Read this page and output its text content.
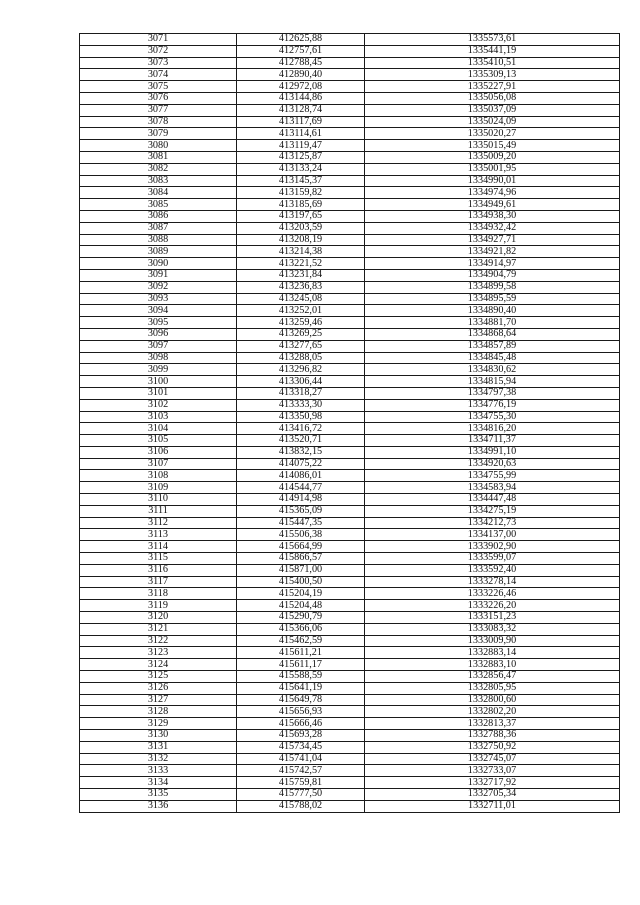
3071	412625,88	1335573,61
3072	412757,61	1335441,19
3073	412788,45	1335410,51
3074	412890,40	1335309,13
3075	412972,08	1335227,91
3076	413144,86	1335056,08
3077	413128,74	1335037,09
3078	413117,69	1335024,09
3079	413114,61	1335020,27
3080	413119,47	1335015,49
3081	413125,87	1335009,20
3082	413133,24	1335001,95
3083	413145,37	1334990,01
3084	413159,82	1334974,96
3085	413185,69	1334949,61
3086	413197,65	1334938,30
3087	413203,59	1334932,42
3088	413208,19	1334927,71
3089	413214,38	1334921,82
3090	413221,52	1334914,97
3091	413231,84	1334904,79
3092	413236,83	1334899,58
3093	413245,08	1334895,59
3094	413252,01	1334890,40
3095	413259,46	1334881,70
3096	413269,25	1334868,64
3097	413277,65	1334857,89
3098	413288,05	1334845,48
3099	413296,82	1334830,62
3100	413306,44	1334815,94
3101	413318,27	1334797,38
3102	413333,30	1334776,19
3103	413350,98	1334755,30
3104	413416,72	1334816,20
3105	413520,71	1334711,37
3106	413832,15	1334991,10
3107	414075,22	1334920,63
3108	414086,01	1334755,99
3109	414544,77	1334583,94
3110	414914,98	1334447,48
3111	415365,09	1334275,19
3112	415447,35	1334212,73
3113	415506,38	1334137,00
3114	415664,99	1333902,90
3115	415866,57	1333599,07
3116	415871,00	1333592,40
3117	415400,50	1333278,14
3118	415204,19	1333226,46
3119	415204,48	1333226,20
3120	415290,79	1333151,23
3121	415366,06	1333083,32
3122	415462,59	1333009,90
3123	415611,21	1332883,14
3124	415611,17	1332883,10
3125	415588,59	1332856,47
3126	415641,19	1332805,95
3127	415649,78	1332800,60
3128	415656,93	1332802,20
3129	415666,46	1332813,37
3130	415693,28	1332788,36
3131	415734,45	1332750,92
3132	415741,04	1332745,07
3133	415742,57	1332733,07
3134	415759,81	1332717,92
3135	415777,50	1332705,34
3136	415788,02	1332711,01
